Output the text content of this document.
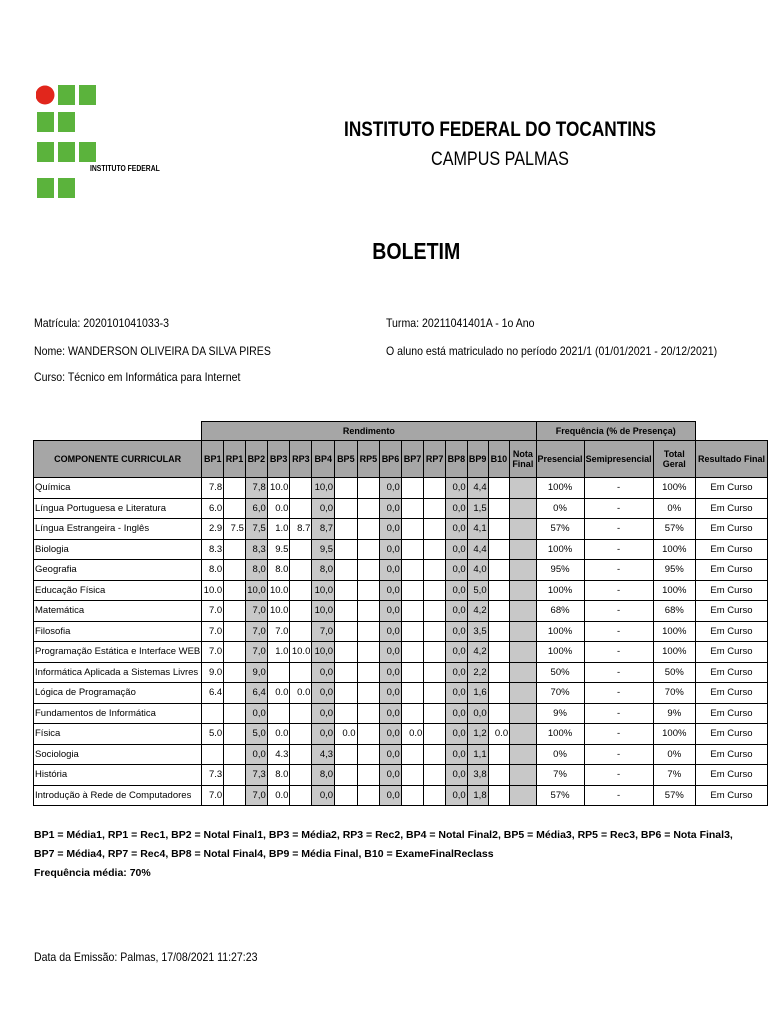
INSTITUTO FEDERAL
INSTITUTO FEDERAL DO TOCANTINS
CAMPUS PALMAS
BOLETIM
Matrícula: 2020101041033-3	Turma: 20211041401A - 1o Ano
Nome: WANDERSON OLIVEIRA DA SILVA PIRES	O aluno está matriculado no período 2021/1 (01/01/2021 - 20/12/2021)
Curso: Técnico em Informática para Internet
	Rendimento															Frequência (% de Presença)			
COMPONENTE CURRICULAR	BP1	RP1	BP2	BP3	RP3	BP4	BP5	RP5	BP6	BP7	RP7	BP8	BP9	B10	Nota Final	Presencial	Semipresencial	Total Geral	Resultado Final
Química	7.8		7,8	10.0		10,0			0,0			0,0	4,4			100%	-	100%	Em Curso
Língua Portuguesa e Literatura	6.0		6,0	0.0		0,0			0,0			0,0	1,5			0%	-	0%	Em Curso
Língua Estrangeira - Inglês	2.9	7.5	7,5	1.0	8.7	8,7			0,0			0,0	4,1			57%	-	57%	Em Curso
Biologia	8.3		8,3	9.5		9,5			0,0			0,0	4,4			100%	-	100%	Em Curso
Geografia	8.0		8,0	8.0		8,0			0,0			0,0	4,0			95%	-	95%	Em Curso
Educação Física	10.0		10,0	10.0		10,0			0,0			0,0	5,0			100%	-	100%	Em Curso
Matemática	7.0		7,0	10.0		10,0			0,0			0,0	4,2			68%	-	68%	Em Curso
Filosofia	7.0		7,0	7.0		7,0			0,0			0,0	3,5			100%	-	100%	Em Curso
Programação Estática e Interface WEB	7.0		7,0	1.0	10.0	10,0			0,0			0,0	4,2			100%	-	100%	Em Curso
Informática Aplicada a Sistemas Livres	9.0		9,0			0,0			0,0			0,0	2,2			50%	-	50%	Em Curso
Lógica de Programação	6.4		6,4	0.0	0.0	0,0			0,0			0,0	1,6			70%	-	70%	Em Curso
Fundamentos de Informática			0,0			0,0			0,0			0,0	0,0			9%	-	9%	Em Curso
Física	5.0		5,0	0.0		0,0	0.0		0,0	0.0		0,0	1,2	0.0		100%	-	100%	Em Curso
Sociologia			0,0	4.3		4,3			0,0			0,0	1,1			0%	-	0%	Em Curso
História	7.3		7,3	8.0		8,0			0,0			0,0	3,8			7%	-	7%	Em Curso
Introdução à Rede de Computadores	7.0		7,0	0.0		0,0			0,0			0,0	1,8			57%	-	57%	Em Curso
BP1 = Média1, RP1 = Rec1, BP2 = Notal Final1, BP3 = Média2, RP3 = Rec2, BP4 = Notal Final2, BP5 = Média3, RP5 = Rec3, BP6 = Nota Final3, BP7 = Média4, RP7 = Rec4, BP8 = Notal Final4, BP9 = Média Final, B10 = ExameFinalReclass
Frequência média: 70%
Data da Emissão: Palmas, 17/08/2021 11:27:23
